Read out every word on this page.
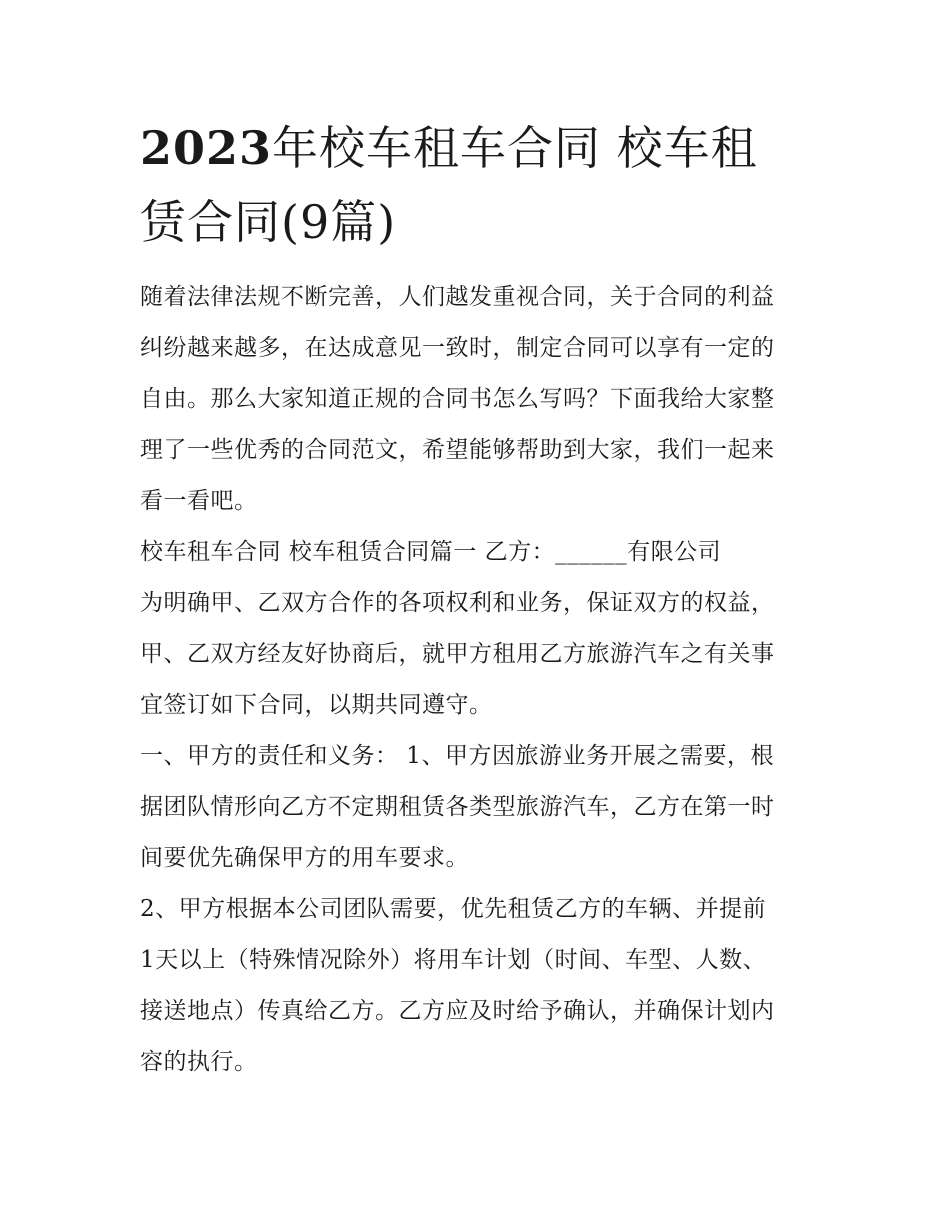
2023年校车租车合同 校车租
赁合同(9篇)

随着法律法规不断完善，人们越发重视合同，关于合同的利益
纠纷越来越多，在达成意见一致时，制定合同可以享有一定的
自由。那么大家知道正规的合同书怎么写吗？下面我给大家整
理了一些优秀的合同范文，希望能够帮助到大家，我们一起来
看一看吧。

校车租车合同 校车租赁合同篇一 乙方：______有限公司

为明确甲、乙双方合作的各项权利和业务，保证双方的权益，
甲、乙双方经友好协商后，就甲方租用乙方旅游汽车之有关事
宜签订如下合同，以期共同遵守。

一、甲方的责任和义务： 1、甲方因旅游业务开展之需要，根
据团队情形向乙方不定期租赁各类型旅游汽车，乙方在第一时
间要优先确保甲方的用车要求。

2、甲方根据本公司团队需要，优先租赁乙方的车辆、并提前
1天以上（特殊情况除外）将用车计划（时间、车型、人数、
接送地点）传真给乙方。乙方应及时给予确认，并确保计划内
容的执行。
